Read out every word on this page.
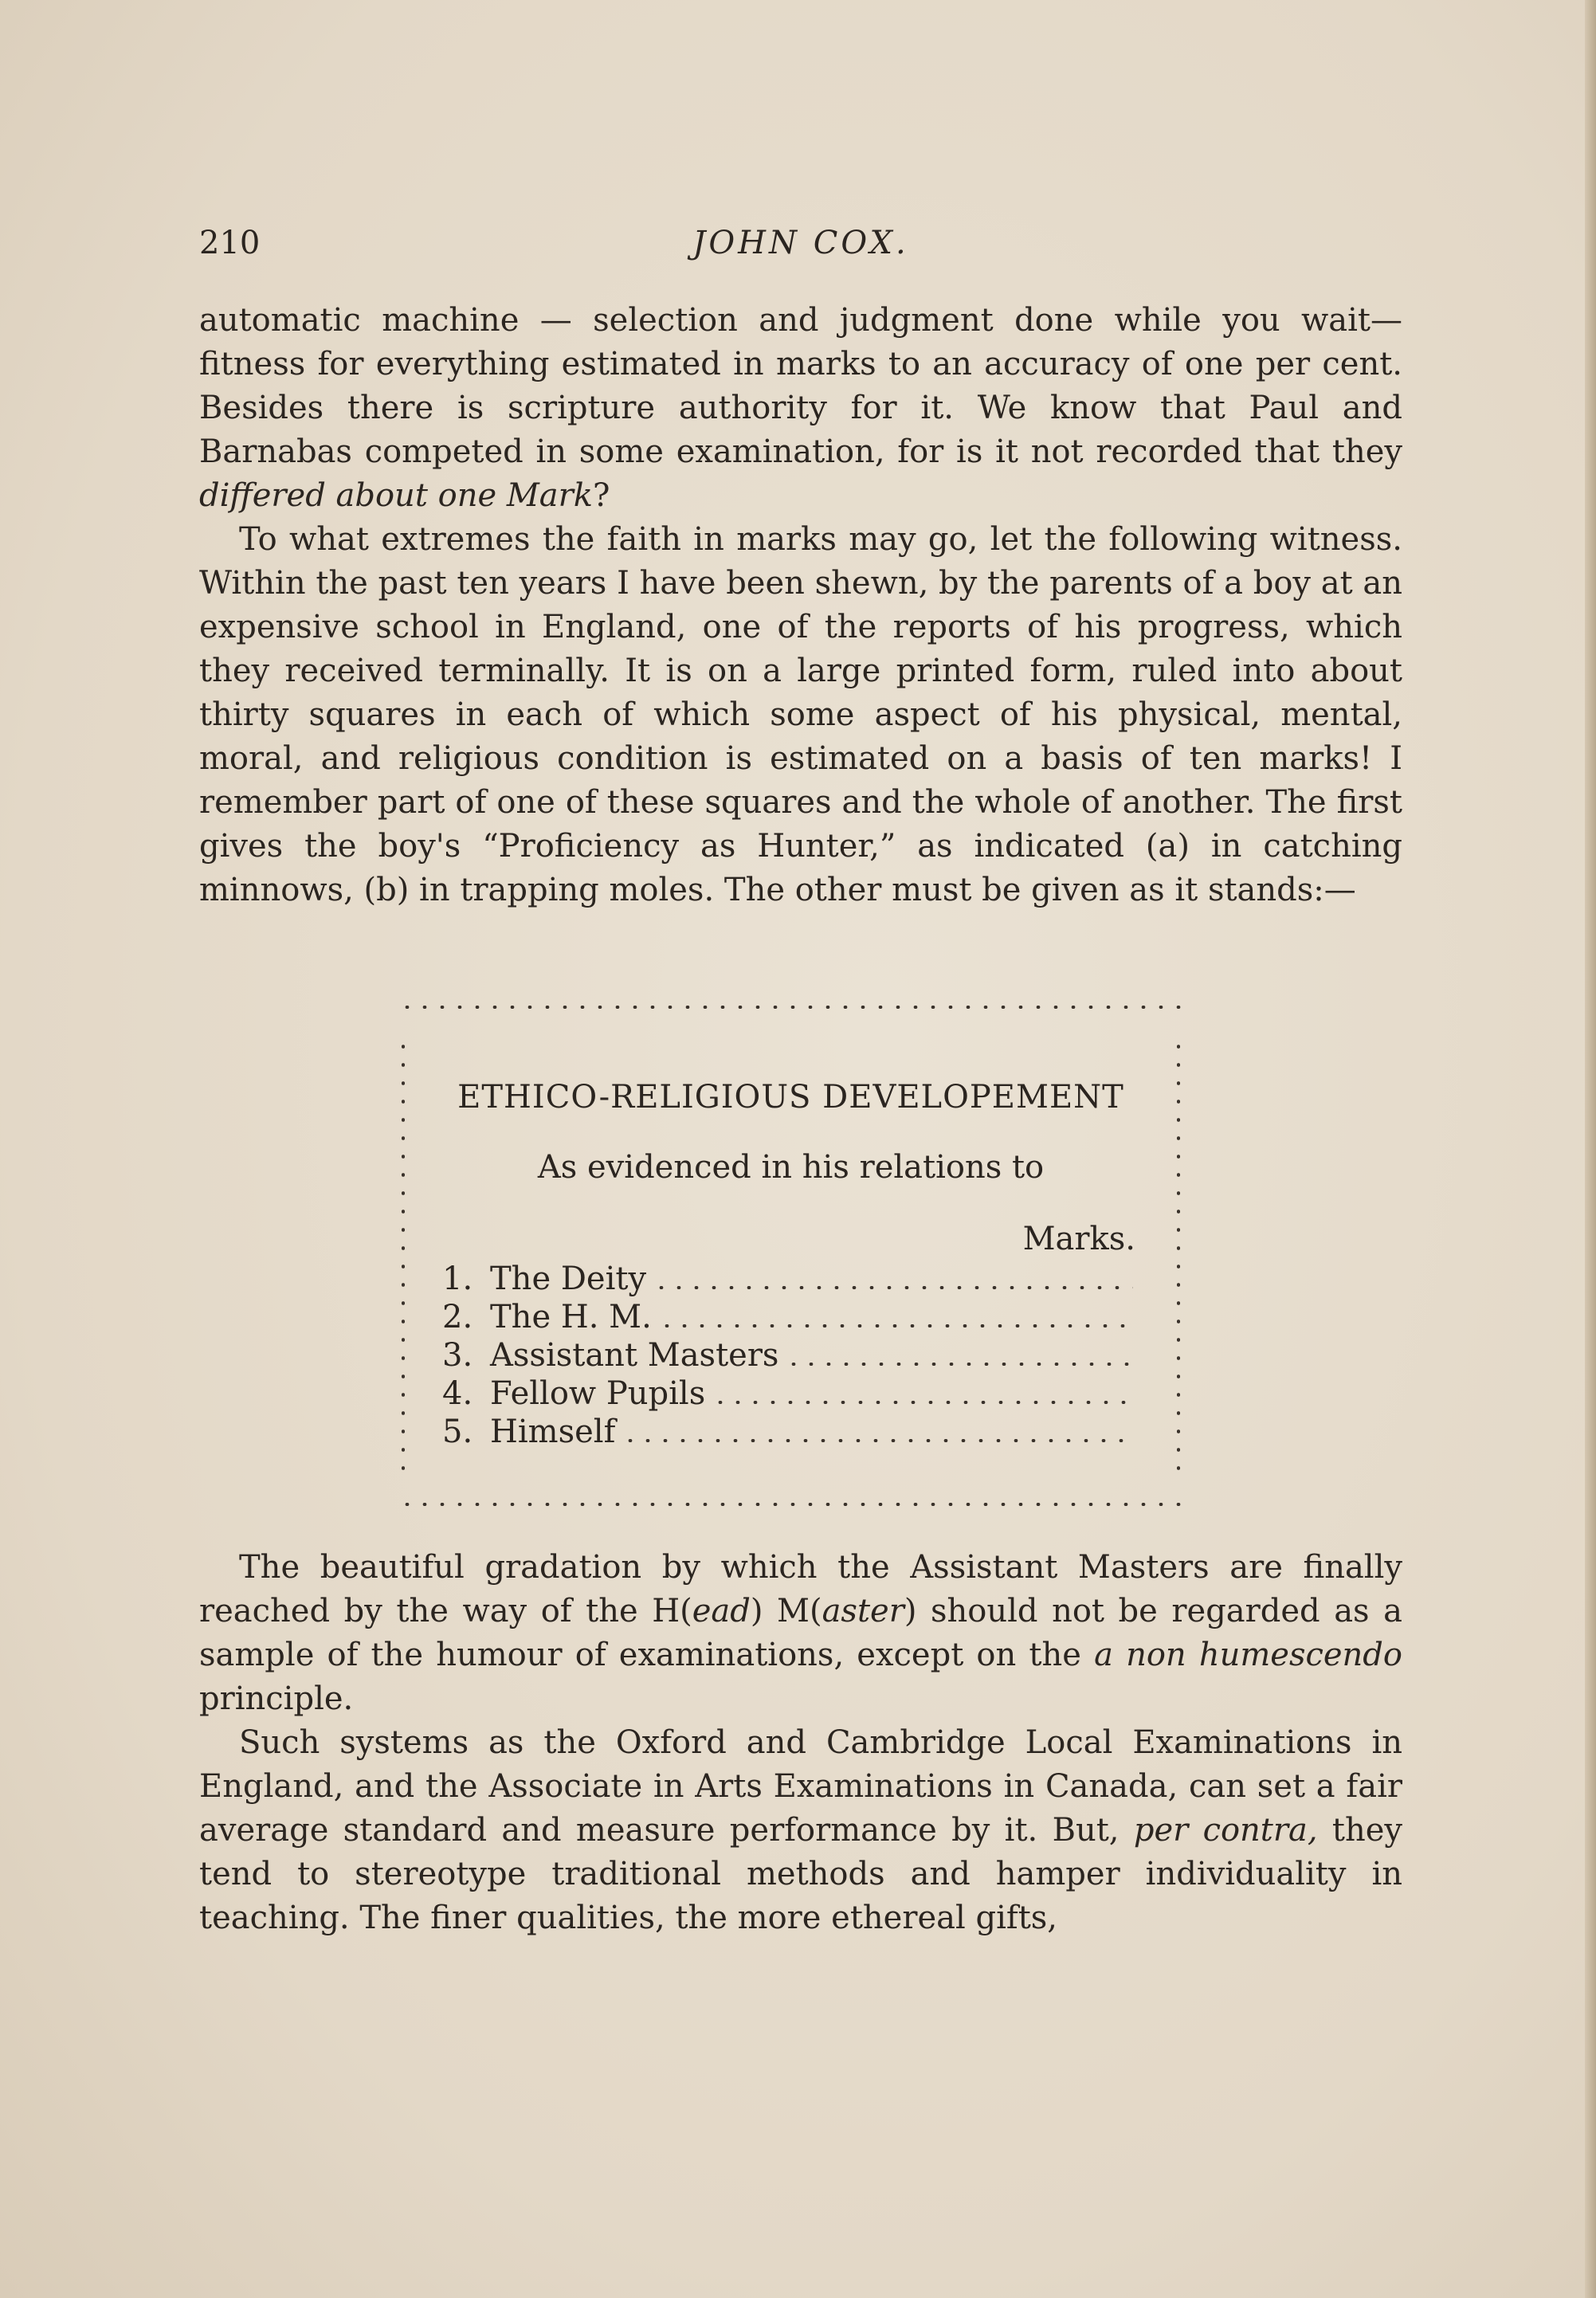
210	JOHN COX.

automatic machine — selection and judgment done while you wait—fitness for everything estimated in marks to an accuracy of one per cent. Besides there is scripture authority for it. We know that Paul and Barnabas competed in some examination, for is it not recorded that they differed about one Mark?

To what extremes the faith in marks may go, let the following witness. Within the past ten years I have been shewn, by the parents of a boy at an expensive school in England, one of the reports of his progress, which they received terminally. It is on a large printed form, ruled into about thirty squares in each of which some aspect of his physical, mental, moral, and religious condition is estimated on a basis of ten marks! I remember part of one of these squares and the whole of another. The first gives the boy's “Proficiency as Hunter,” as indicated (a) in catching minnows, (b) in trapping moles. The other must be given as it stands:—

ETHICO-RELIGIOUS DEVELOPEMENT
As evidenced in his relations to
Marks.
1. The Deity
2. The H. M.
3. Assistant Masters
4. Fellow Pupils
5. Himself

The beautiful gradation by which the Assistant Masters are finally reached by the way of the H(ead) M(aster) should not be regarded as a sample of the humour of examinations, except on the a non humescendo principle.

Such systems as the Oxford and Cambridge Local Examinations in England, and the Associate in Arts Examinations in Canada, can set a fair average standard and measure performance by it. But, per contra, they tend to stereotype traditional methods and hamper individuality in teaching. The finer qualities, the more ethereal gifts,
